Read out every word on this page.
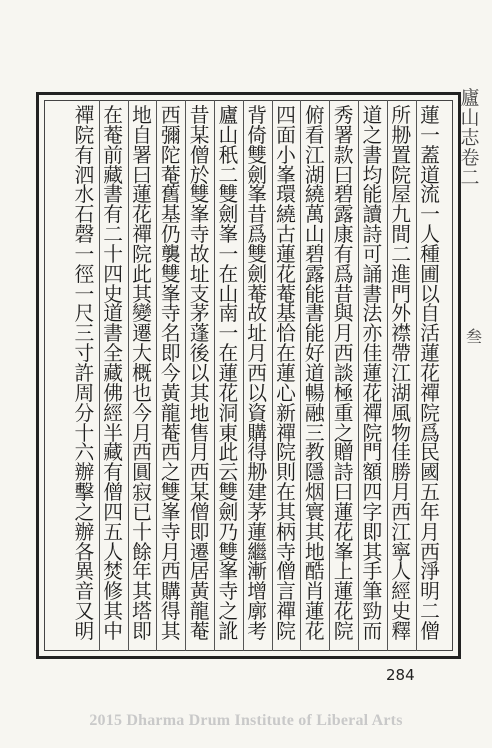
蓮一蓋道流一人種圃以自活蓮花禪院爲民國五年月西淨明二僧
所刱置院屋九間二進門外襟帶江湖風物佳勝月西江寧人經史釋
道之書均能讀詩可誦書法亦佳蓮花禪院門額四字即其手筆勁而
秀署款曰碧露康有爲昔與月西談極重之贈詩曰蓮花峯上蓮花院
俯看江湖繞萬山碧露能書能好道暢融三教隱烟寰其地酷肖蓮花
四面小峯環繞古蓮花菴基恰在蓮心新禪院則在其柄寺僧言禪院
背倚雙劍峯昔爲雙劍菴故址月西以資購得刱建茅蓮繼漸增廓考
廬山秖二雙劍峯一在山南一在蓮花洞東此云雙劍乃雙峯寺之訛
昔某僧於雙峯寺故址支茅蓬後以其地售月西某僧即遷居黃龍菴
西彌陀菴舊基仍襲雙峯寺名即今黃龍菴西之雙峯寺月西購得其
地自署曰蓮花禪院此其變遷大概也今月西圓寂已十餘年其塔即
在菴前藏書有二十四史道書全藏佛經半藏有僧四五人焚修其中
禪院有泗水石磬一徑一尺三寸許周分十六辦擊之辦各異音又明
廬山志 卷二
叁
284
2015 Dharma Drum Institute of Liberal Arts
